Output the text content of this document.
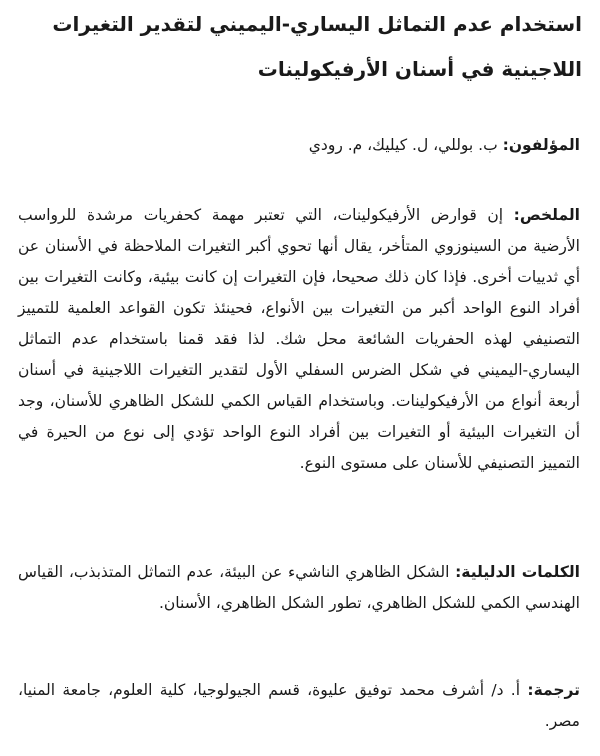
استخدام عدم التماثل اليساري-اليميني لتقدير التغيرات اللاجينية في أسنان الأرفيكولينات

المؤلفون: ب. بوللي، ل. كيليك، م. رودي

الملخص: إن قوارض الأرفيكولينات، التي تعتبر مهمة كحفريات مرشدة للرواسب الأرضية من السينوزوي المتأخر، يقال أنها تحوي أكبر التغيرات الملاحظة في الأسنان عن أي ثدييات أخرى. فإذا كان ذلك صحيحا، فإن التغيرات إن كانت بيئية، وكانت التغيرات بين أفراد النوع الواحد أكبر من التغيرات بين الأنواع، فحينئذ تكون القواعد العلمية للتمييز التصنيفي لهذه الحفريات الشائعة محل شك. لذا فقد قمنا باستخدام عدم التماثل اليساري-اليميني في شكل الضرس السفلي الأول لتقدير التغيرات اللاجينية في أسنان أربعة أنواع من الأرفيكولينات. وباستخدام القياس الكمي للشكل الظاهري للأسنان، وجد أن التغيرات البيئية أو التغيرات بين أفراد النوع الواحد تؤدي إلى نوع من الحيرة في التمييز التصنيفي للأسنان على مستوى النوع.

الكلمات الدليلية: الشكل الظاهري الناشيء عن البيئة، عدم التماثل المتذبذب، القياس الهندسي الكمي للشكل الظاهري، تطور الشكل الظاهري، الأسنان.

ترجمة: أ. د/ أشرف محمد توفيق عليوة، قسم الجيولوجيا، كلية العلوم، جامعة المنيا، مصر.
